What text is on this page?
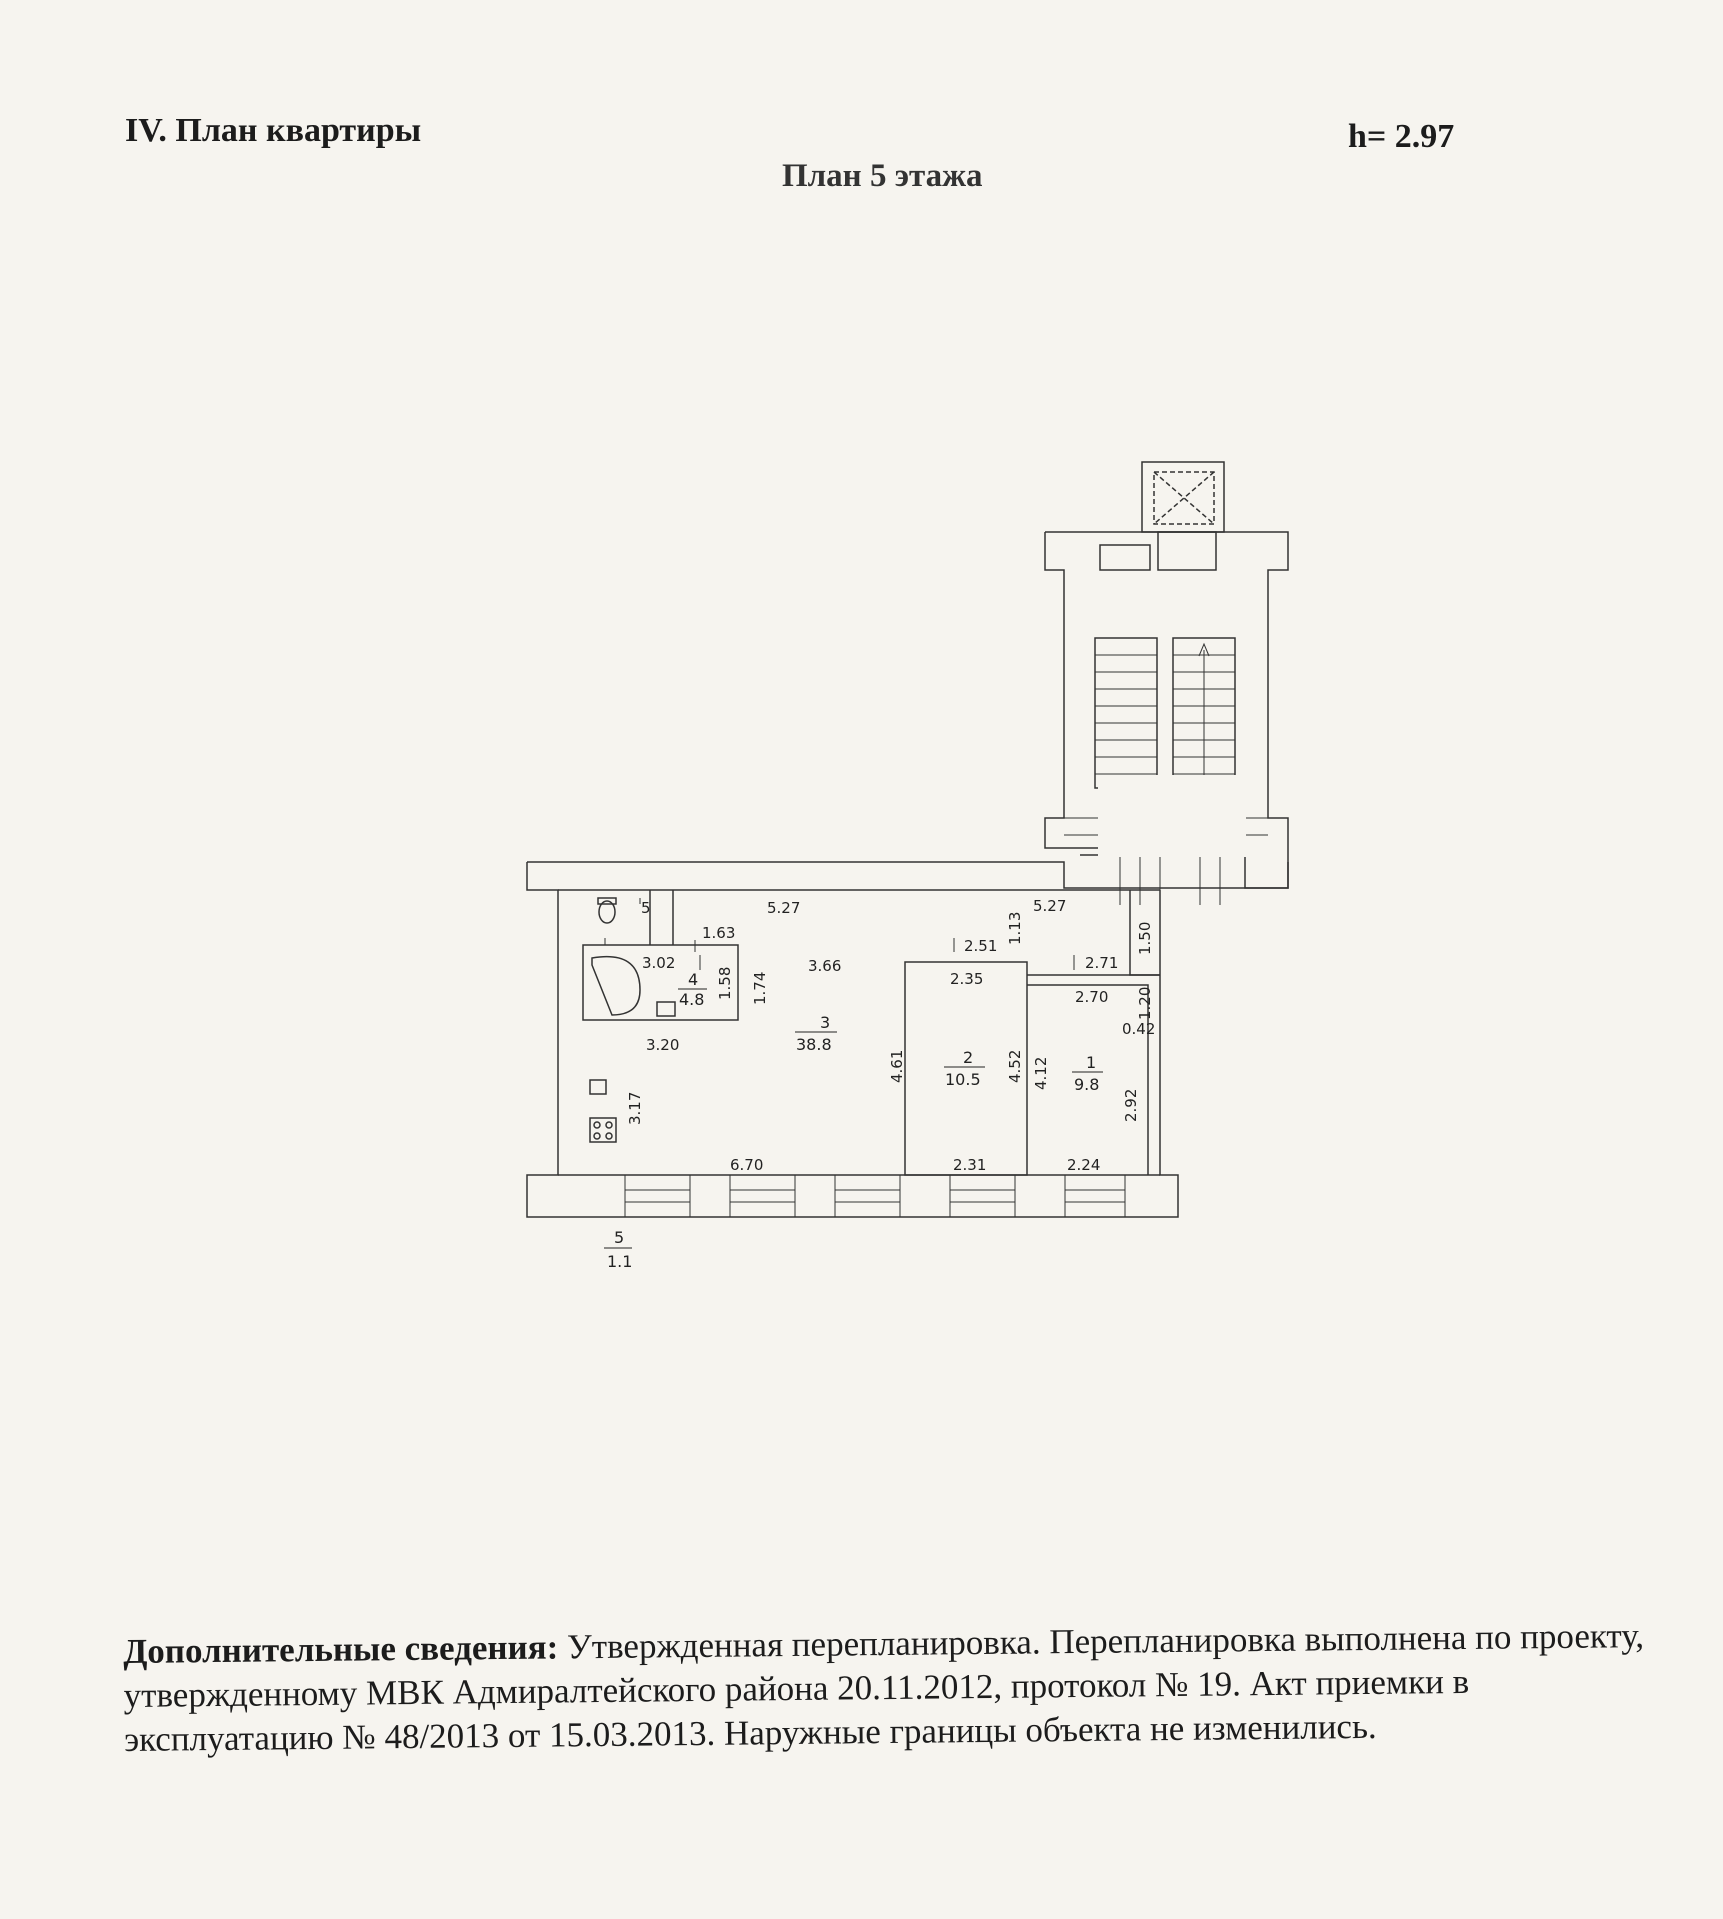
IV. План квартиры	h= 2.97
План 5 этажа
5.27	5.27
1.13	1.50
1.63
3.02
1.58 1.74
3.66
3.20
3.17
6.70
2.51
2.35
4.61	4.52
2.31
2.71
2.70
4.12
1.20
0.42
2.92
2.24
5
4
4.8
3
38.8
2
10.5
1
9.8
5
1.1
Дополнительные сведения: Утвержденная перепланировка. Перепланировка выполнена по проекту, утвержденному МВК Адмиралтейского района 20.11.2012, протокол № 19. Акт приемки в эксплуатацию № 48/2013 от 15.03.2013. Наружные границы объекта не изменились.
